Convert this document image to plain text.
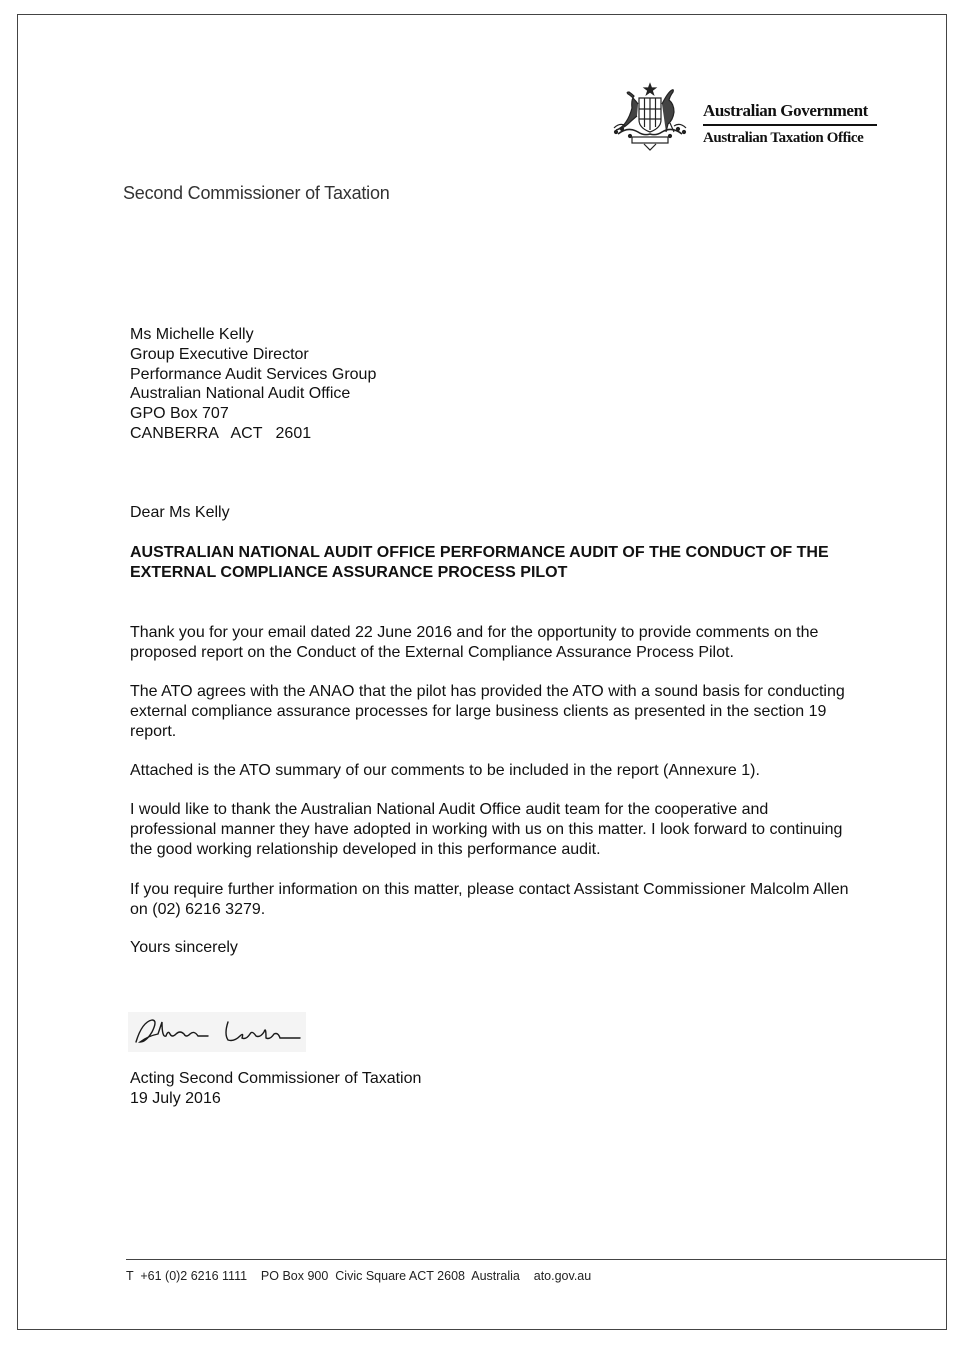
Australian Government
Australian Taxation Office
Second Commissioner of Taxation
Ms Michelle Kelly
Group Executive Director
Performance Audit Services Group
Australian National Audit Office
GPO Box 707
CANBERRA   ACT   2601

Dear Ms Kelly

AUSTRALIAN NATIONAL AUDIT OFFICE PERFORMANCE AUDIT OF THE CONDUCT OF THE EXTERNAL COMPLIANCE ASSURANCE PROCESS PILOT

Thank you for your email dated 22 June 2016 and for the opportunity to provide comments on the proposed report on the Conduct of the External Compliance Assurance Process Pilot.

The ATO agrees with the ANAO that the pilot has provided the ATO with a sound basis for conducting external compliance assurance processes for large business clients as presented in the section 19 report.

Attached is the ATO summary of our comments to be included in the report (Annexure 1).

I would like to thank the Australian National Audit Office audit team for the cooperative and professional manner they have adopted in working with us on this matter. I look forward to continuing the good working relationship developed in this performance audit.

If you require further information on this matter, please contact Assistant Commissioner Malcolm Allen on (02) 6216 3279.

Yours sincerely

Acting Second Commissioner of Taxation
19 July 2016
T  +61 (0)2 6216 1111    PO Box 900  Civic Square ACT 2608  Australia    ato.gov.au
